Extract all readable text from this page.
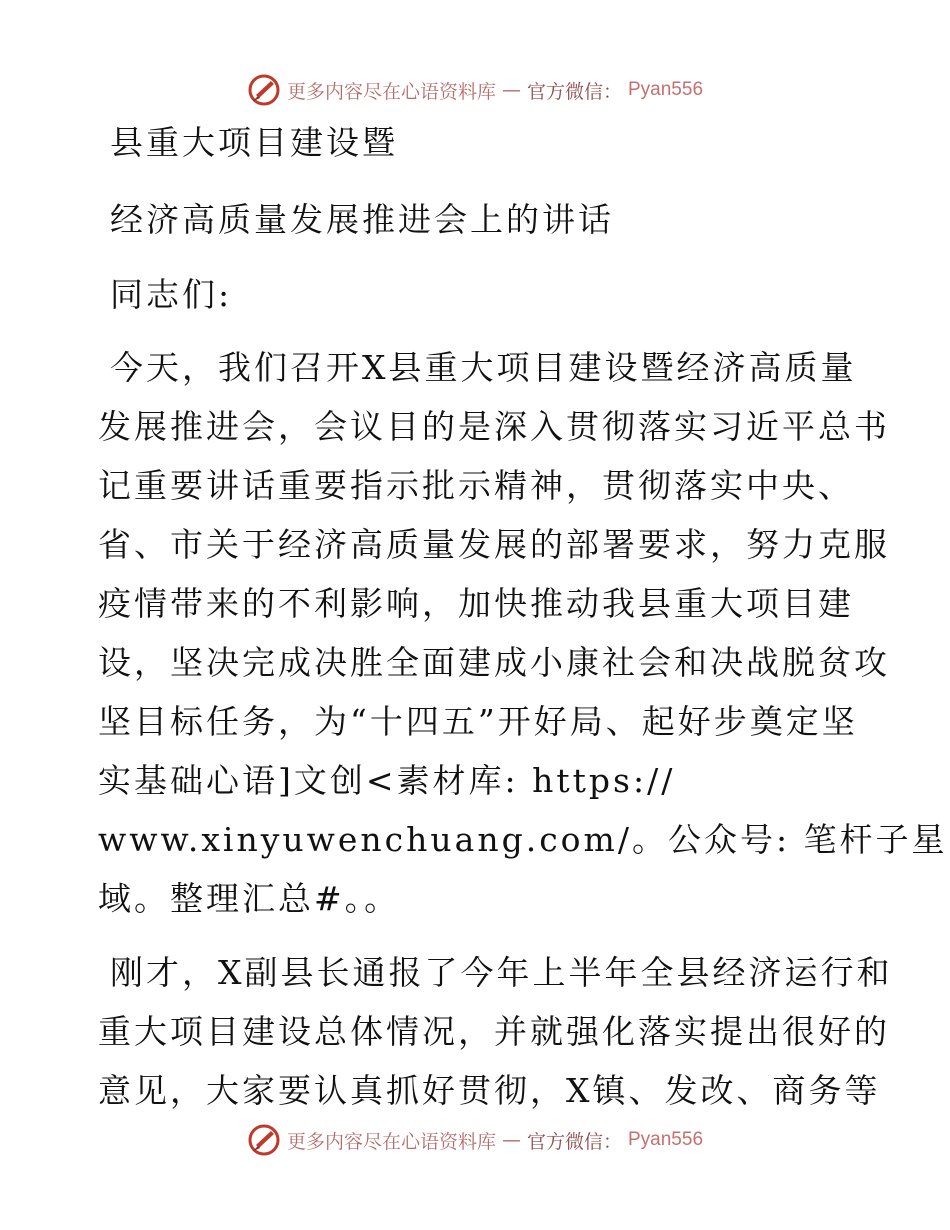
更多内容尽在心语资料库 — 官方微信： Pyan556

县重大项目建设暨

经济高质量发展推进会上的讲话

同志们:

今天，我们召开X县重大项目建设暨经济高质量

发展推进会，会议目的是深入贯彻落实习近平总书

记重要讲话重要指示批示精神，贯彻落实中央、

省、市关于经济高质量发展的部署要求，努力克服

疫情带来的不利影响，加快推动我县重大项目建

设，坚决完成决胜全面建成小康社会和决战脱贫攻

坚目标任务，为“十四五”开好局、起好步奠定坚

实基础心语]文创<素材库: https://

www.xinyuwenchuang.com/。公众号: 笔杆子星

域。整理汇总#。。

刚才，X副县长通报了今年上半年全县经济运行和

重大项目建设总体情况，并就强化落实提出很好的

意见，大家要认真抓好贯彻，X镇、发改、商务等

更多内容尽在心语资料库 — 官方微信： Pyan556
